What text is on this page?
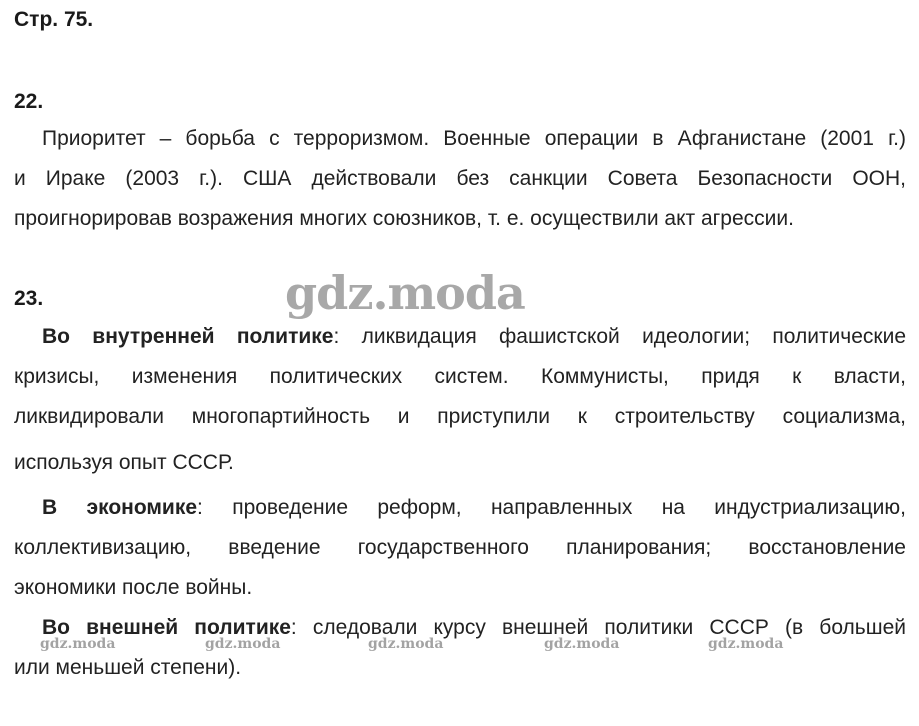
Стр. 75.
22.
Приоритет – борьба с терроризмом. Военные операции в Афганистане (2001 г.)
и Ираке (2003 г.). США действовали без санкции Совета Безопасности ООН,
проигнорировав возражения многих союзников, т. е. осуществили акт агрессии.
23.
Во внутренней политике: ликвидация фашистской идеологии; политические
кризисы, изменения политических систем. Коммунисты, придя к власти,
ликвидировали многопартийность и приступили к строительству социализма,
используя опыт СССР.
В экономике: проведение реформ, направленных на индустриализацию,
коллективизацию, введение государственного планирования; восстановление
экономики после войны.
Во внешней политике: следовали курсу внешней политики СССР (в большей
или меньшей степени).
gdz.moda
gdz.moda	gdz.moda	gdz.moda	gdz.moda	gdz.moda
